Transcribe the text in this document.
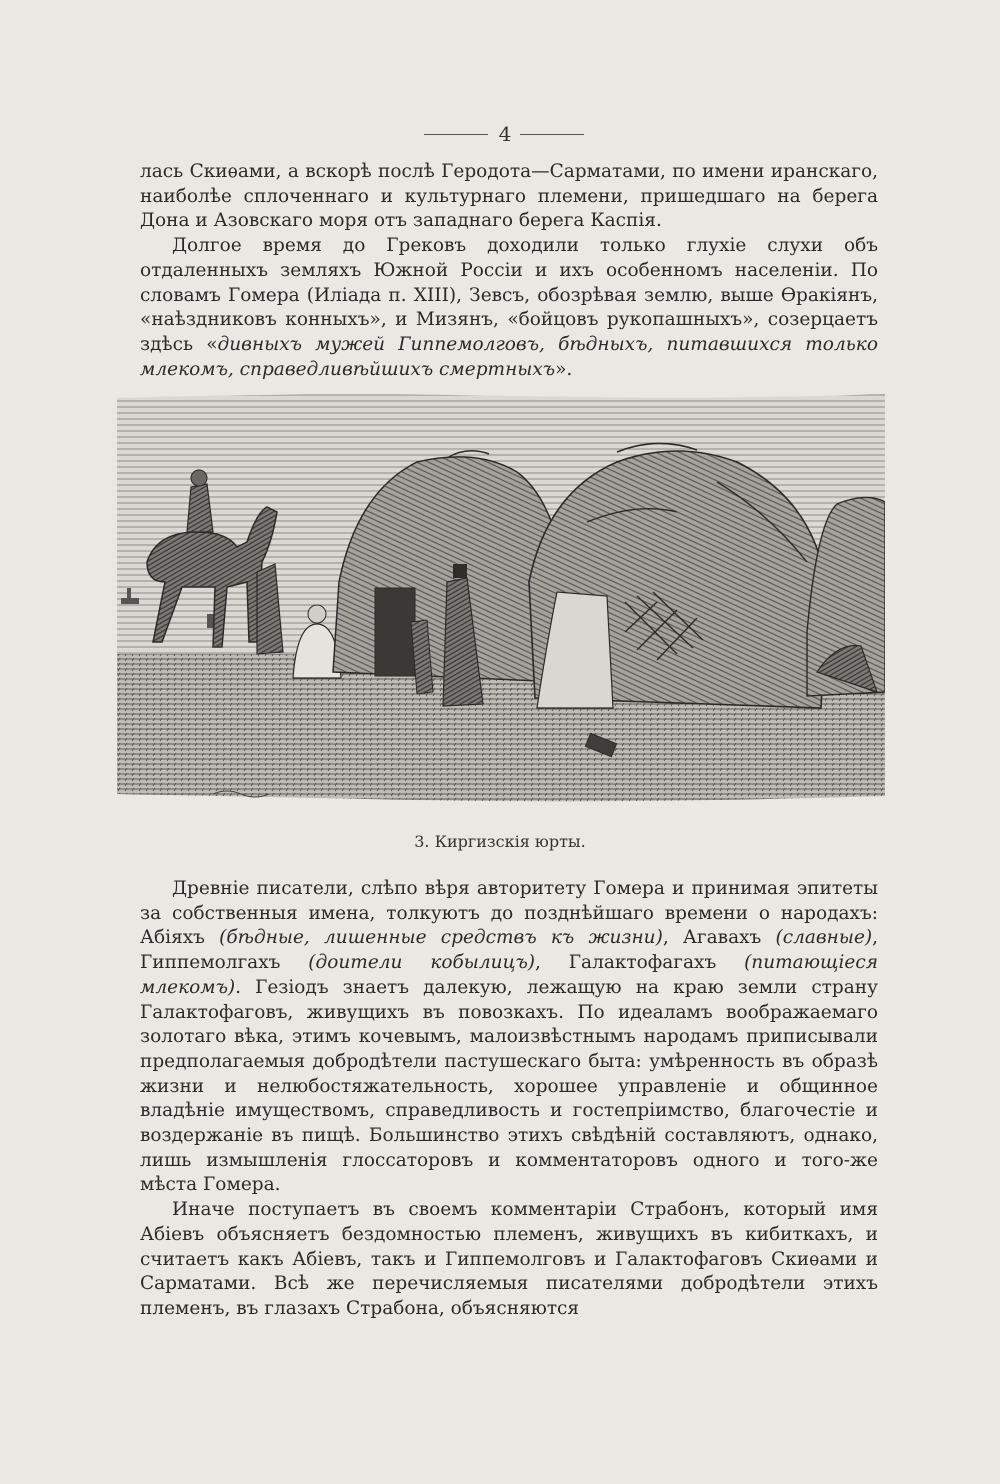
4

лась Скиѳами, а вскорѣ послѣ Геродота—Сарматами, по имени иранскаго, наиболѣе сплоченнаго и культурнаго племени, пришедшаго на берега Дона и Азовскаго моря отъ западнаго берега Каспія.

Долгое время до Грековъ доходили только глухіе слухи объ отдаленныхъ земляхъ Южной Россіи и ихъ особенномъ населеніи. По словамъ Гомера (Иліада п. XIII), Зевсъ, обозрѣвая землю, выше Ѳракіянъ, «наѣздниковъ конныхъ», и Мизянъ, «бойцовъ рукопашныхъ», созерцаетъ здѣсь «дивныхъ мужей Гиппемолговъ, бѣдныхъ, питавшихся только млекомъ, справедливѣйшихъ смертныхъ».

3. Киргизскія юрты.

Древніе писатели, слѣпо вѣря авторитету Гомера и принимая эпитеты за собственныя имена, толкуютъ до позднѣйшаго времени о народахъ: Абіяхъ (бѣдные, лишенные средствъ къ жизни), Агавахъ (славные), Гиппемолгахъ (доители кобылицъ), Галактофагахъ (питающіеся млекомъ). Гезіодъ знаетъ далекую, лежащую на краю земли страну Галактофаговъ, живущихъ въ повозкахъ. По идеаламъ воображаемаго золотаго вѣка, этимъ кочевымъ, малоизвѣстнымъ народамъ приписывали предполагаемыя добродѣтели пастушескаго быта: умѣренность въ образѣ жизни и нелюбостяжательность, хорошее управленіе и общинное владѣніе имуществомъ, справедливость и гостепріимство, благочестіе и воздержаніе въ пищѣ. Большинство этихъ свѣдѣній составляютъ, однако, лишь измышленія глоссаторовъ и комментаторовъ одного и того-же мѣста Гомера.

Иначе поступаетъ въ своемъ комментаріи Страбонъ, который имя Абіевъ объясняетъ бездомностью племенъ, живущихъ въ кибиткахъ, и считаетъ какъ Абіевъ, такъ и Гиппемолговъ и Галактофаговъ Скиѳами и Сарматами. Всѣ же перечисляемыя писателями добродѣтели этихъ племенъ, въ глазахъ Страбона, объясняются
